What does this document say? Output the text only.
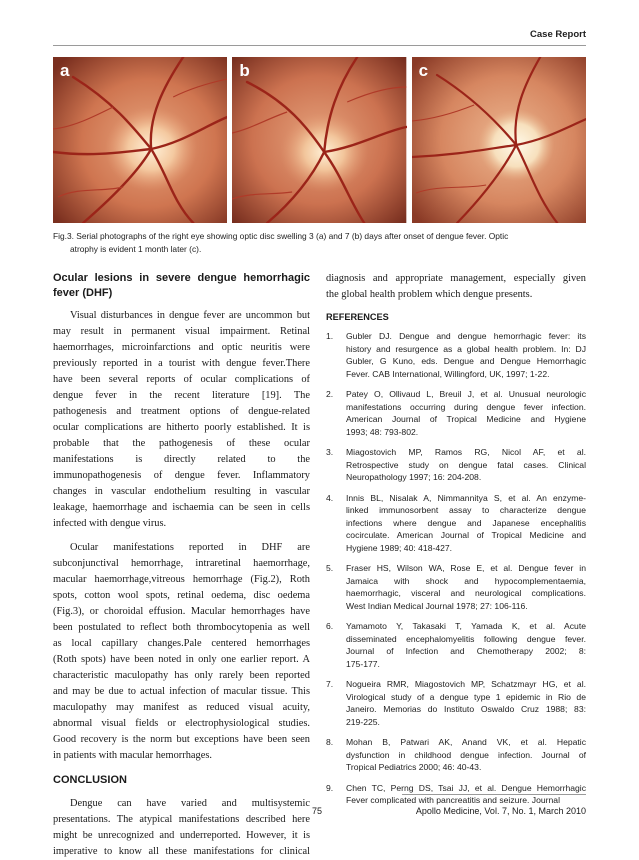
Case Report
a	b	c
Fig.3. Serial photographs of the right eye showing optic disc swelling 3 (a) and 7 (b) days after onset of dengue fever. Optic
atrophy is evident 1 month later (c).
Ocular lesions in severe dengue hemorrhagic
fever (DHF)
Visual disturbances in dengue fever are uncommon but
may result in permanent visual impairment. Retinal
haemorrhages, microinfarctions and optic neuritis were
previously reported in a tourist with dengue fever.There
have been several reports of ocular complications of
dengue fever in the recent literature [19]. The
pathogenesis and treatment options of dengue-related
ocular complications are hitherto poorly established. It is
probable that the pathogenesis of these ocular
manifestations is directly related to the
immunopathogenesis of dengue fever. Inflammatory
changes in vascular endothelium resulting in vascular
leakage, haemorrhage and ischaemia can be seen in cells
infected with dengue virus.
Ocular manifestations reported in DHF are
subconjunctival hemorrhage, intraretinal haemorrhage,
macular haemorrhage,vitreous hemorrhage (Fig.2), Roth
spots, cotton wool spots, retinal oedema, disc oedema
(Fig.3), or choroidal effusion. Macular hemorrhages have
been postulated to reflect both thrombocytopenia as well
as local capillary changes.Pale centered hemorrhages
(Roth spots) have been noted in only one earlier report. A
characteristic maculopathy has only rarely been reported
and may be due to actual infection of macular tissue. This
maculopathy may manifest as reduced visual acuity,
abnormal visual fields or electrophysiological studies.
Good recovery is the norm but exceptions have been seen
in patients with macular hemorrhages.
CONCLUSION
Dengue can have varied and multisystemic
presentations. The atypical manifestations described here
might be unrecognized and underreported. However, it is
imperative to know all these manifestations for clinical
diagnosis and appropriate management, especially given
the global health problem which dengue presents.
REFERENCES
1.	Gubler DJ. Dengue and dengue hemorrhagic fever: its
history and resurgence as a global health problem. In: DJ
Gubler, G Kuno, eds. Dengue and Dengue Hemorrhagic
Fever. CAB International, Willingford, UK, 1997; 1-22.
2.	Patey O, Ollivaud L, Breuil J, et al. Unusual neurologic
manifestations occurring during dengue fever infection.
American Journal of Tropical Medicine and Hygiene
1993; 48: 793-802.
3.	Miagostovich MP, Ramos RG, Nicol AF, et al.
Retrospective study on dengue fatal cases. Clinical
Neuropathology 1997; 16: 204-208.
4.	Innis BL, Nisalak A, Nimmannitya S, et al. An enzyme-
linked immunosorbent assay to characterize dengue
infections where dengue and Japanese encephalitis
cocirculate. American Journal of Tropical Medicine and
Hygiene 1989; 40: 418-427.
5.	Fraser HS, Wilson WA, Rose E, et al. Dengue fever in
Jamaica with shock and hypocomplementaemia,
haemorrhagic, visceral and neurological complications.
West Indian Medical Journal 1978; 27: 106-116.
6.	Yamamoto Y, Takasaki T, Yamada K, et al. Acute
disseminated encephalomyelitis following dengue fever.
Journal of Infection and Chemotherapy 2002; 8:
175-177.
7.	Nogueira RMR, Miagostovich MP, Schatzmayr HG, et al.
Virological study of a dengue type 1 epidemic in Rio de
Janeiro. Memorias do Instituto Oswaldo Cruz 1988; 83:
219-225.
8.	Mohan B, Patwari AK, Anand VK, et al. Hepatic
dysfunction in childhood dengue infection. Journal of
Tropical Pediatrics 2000; 46: 40-43.
9.	Chen TC, Perng DS, Tsai JJ, et al. Dengue Hemorrhagic
Fever complicated with pancreatitis and seizure. Journal
75	Apollo Medicine, Vol. 7, No. 1, March 2010
